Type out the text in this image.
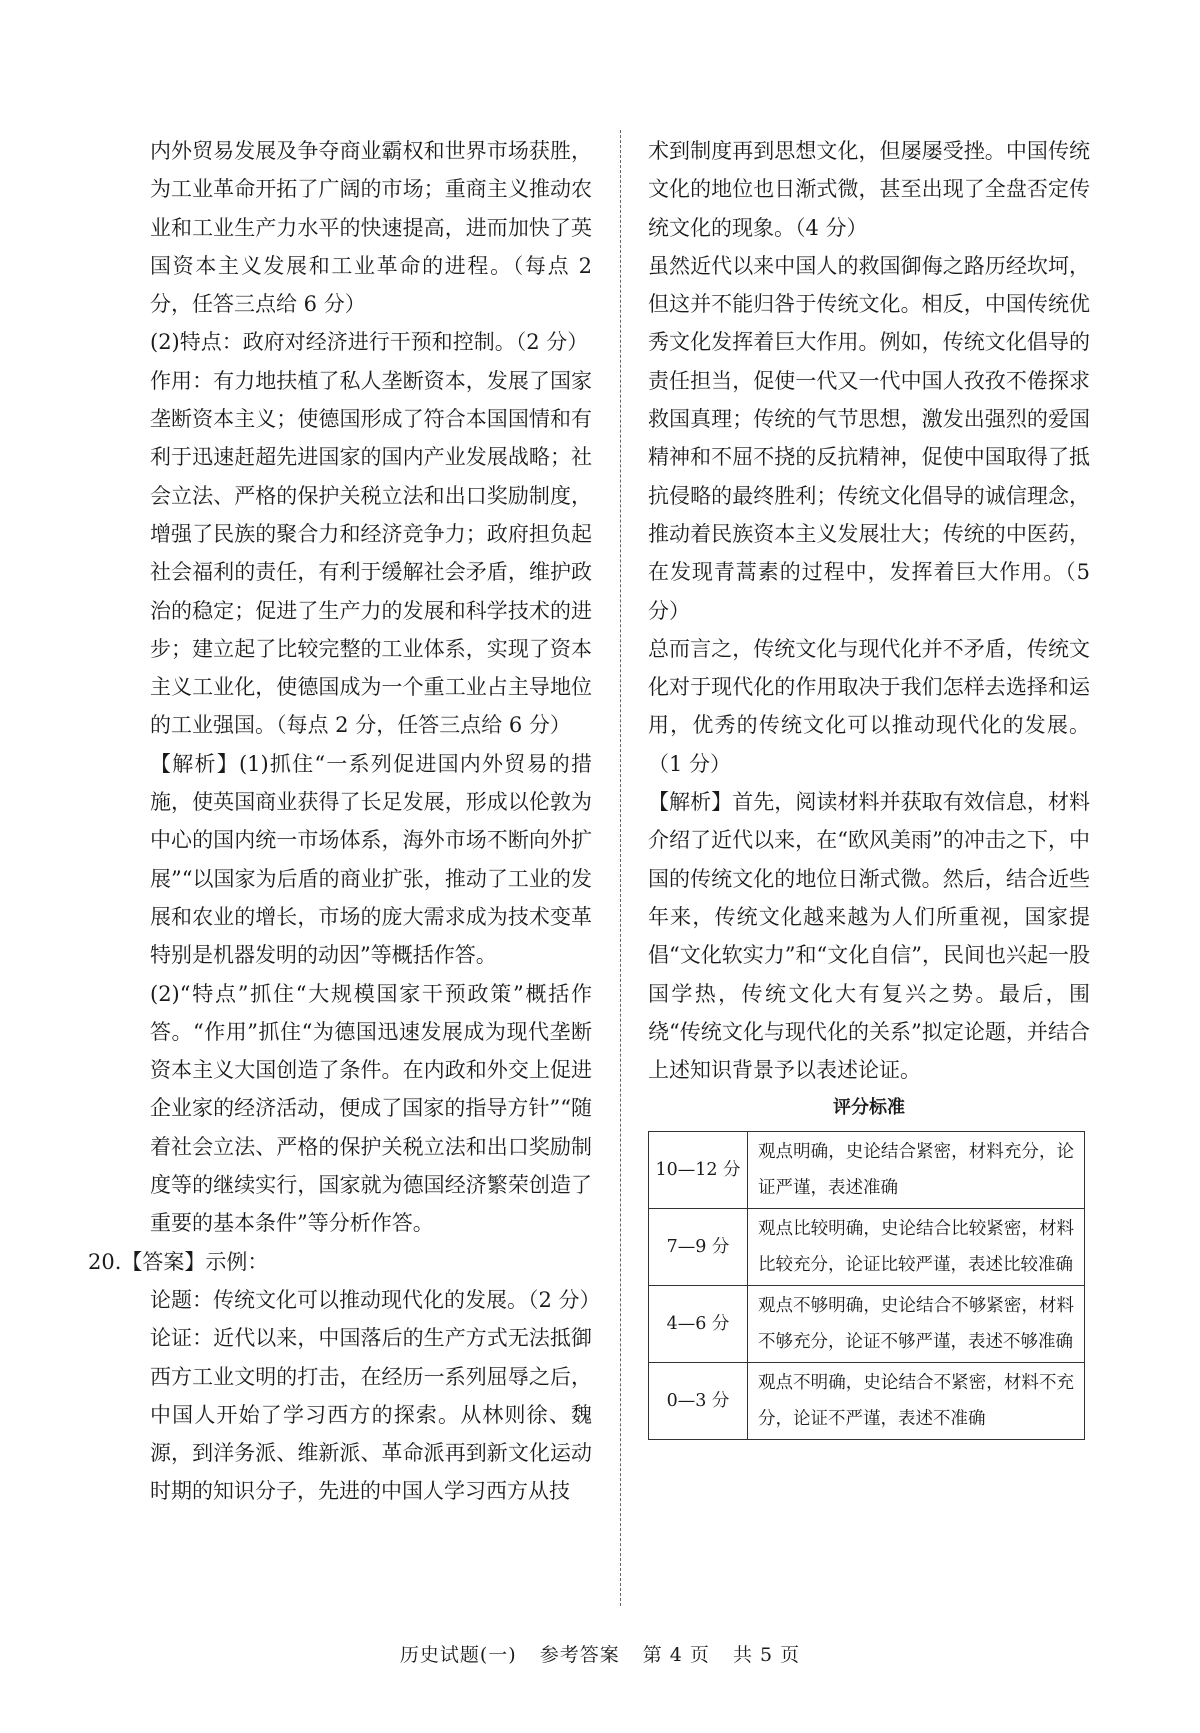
内外贸易发展及争夺商业霸权和世界市场获胜，为工业革命开拓了广阔的市场；重商主义推动农业和工业生产力水平的快速提高，进而加快了英国资本主义发展和工业革命的进程。（每点 2 分，任答三点给 6 分）

(2)特点：政府对经济进行干预和控制。（2 分）

作用：有力地扶植了私人垄断资本，发展了国家垄断资本主义；使德国形成了符合本国国情和有利于迅速赶超先进国家的国内产业发展战略；社会立法、严格的保护关税立法和出口奖励制度，增强了民族的聚合力和经济竞争力；政府担负起社会福利的责任，有利于缓解社会矛盾，维护政治的稳定；促进了生产力的发展和科学技术的进步；建立起了比较完整的工业体系，实现了资本主义工业化，使德国成为一个重工业占主导地位的工业强国。（每点 2 分，任答三点给 6 分）

【解析】(1)抓住“一系列促进国内外贸易的措施，使英国商业获得了长足发展，形成以伦敦为中心的国内统一市场体系，海外市场不断向外扩展”“以国家为后盾的商业扩张，推动了工业的发展和农业的增长，市场的庞大需求成为技术变革特别是机器发明的动因”等概括作答。

(2)“特点”抓住“大规模国家干预政策”概括作答。“作用”抓住“为德国迅速发展成为现代垄断资本主义大国创造了条件。在内政和外交上促进企业家的经济活动，便成了国家的指导方针”“随着社会立法、严格的保护关税立法和出口奖励制度等的继续实行，国家就为德国经济繁荣创造了重要的基本条件”等分析作答。

20.【答案】示例：

论题：传统文化可以推动现代化的发展。（2 分）

论证：近代以来，中国落后的生产方式无法抵御西方工业文明的打击，在经历一系列屈辱之后，中国人开始了学习西方的探索。从林则徐、魏源，到洋务派、维新派、革命派再到新文化运动时期的知识分子，先进的中国人学习西方从技

术到制度再到思想文化，但屡屡受挫。中国传统文化的地位也日渐式微，甚至出现了全盘否定传统文化的现象。（4 分）

虽然近代以来中国人的救国御侮之路历经坎坷，但这并不能归咎于传统文化。相反，中国传统优秀文化发挥着巨大作用。例如，传统文化倡导的责任担当，促使一代又一代中国人孜孜不倦探求救国真理；传统的气节思想，激发出强烈的爱国精神和不屈不挠的反抗精神，促使中国取得了抵抗侵略的最终胜利；传统文化倡导的诚信理念，推动着民族资本主义发展壮大；传统的中医药，在发现青蒿素的过程中，发挥着巨大作用。（5 分）

总而言之，传统文化与现代化并不矛盾，传统文化对于现代化的作用取决于我们怎样去选择和运用，优秀的传统文化可以推动现代化的发展。（1 分）

【解析】首先，阅读材料并获取有效信息，材料介绍了近代以来，在“欧风美雨”的冲击之下，中国的传统文化的地位日渐式微。然后，结合近些年来，传统文化越来越为人们所重视，国家提倡“文化软实力”和“文化自信”，民间也兴起一股国学热，传统文化大有复兴之势。最后，围绕“传统文化与现代化的关系”拟定论题，并结合上述知识背景予以表述论证。

评分标准

10—12 分	观点明确，史论结合紧密，材料充分，论证严谨，表述准确
7—9 分	观点比较明确，史论结合比较紧密，材料比较充分，论证比较严谨，表述比较准确
4—6 分	观点不够明确，史论结合不够紧密，材料不够充分，论证不够严谨，表述不够准确
0—3 分	观点不明确，史论结合不紧密，材料不充分，论证不严谨，表述不准确
历史试题(一) 参考答案 第 4 页 共 5 页
